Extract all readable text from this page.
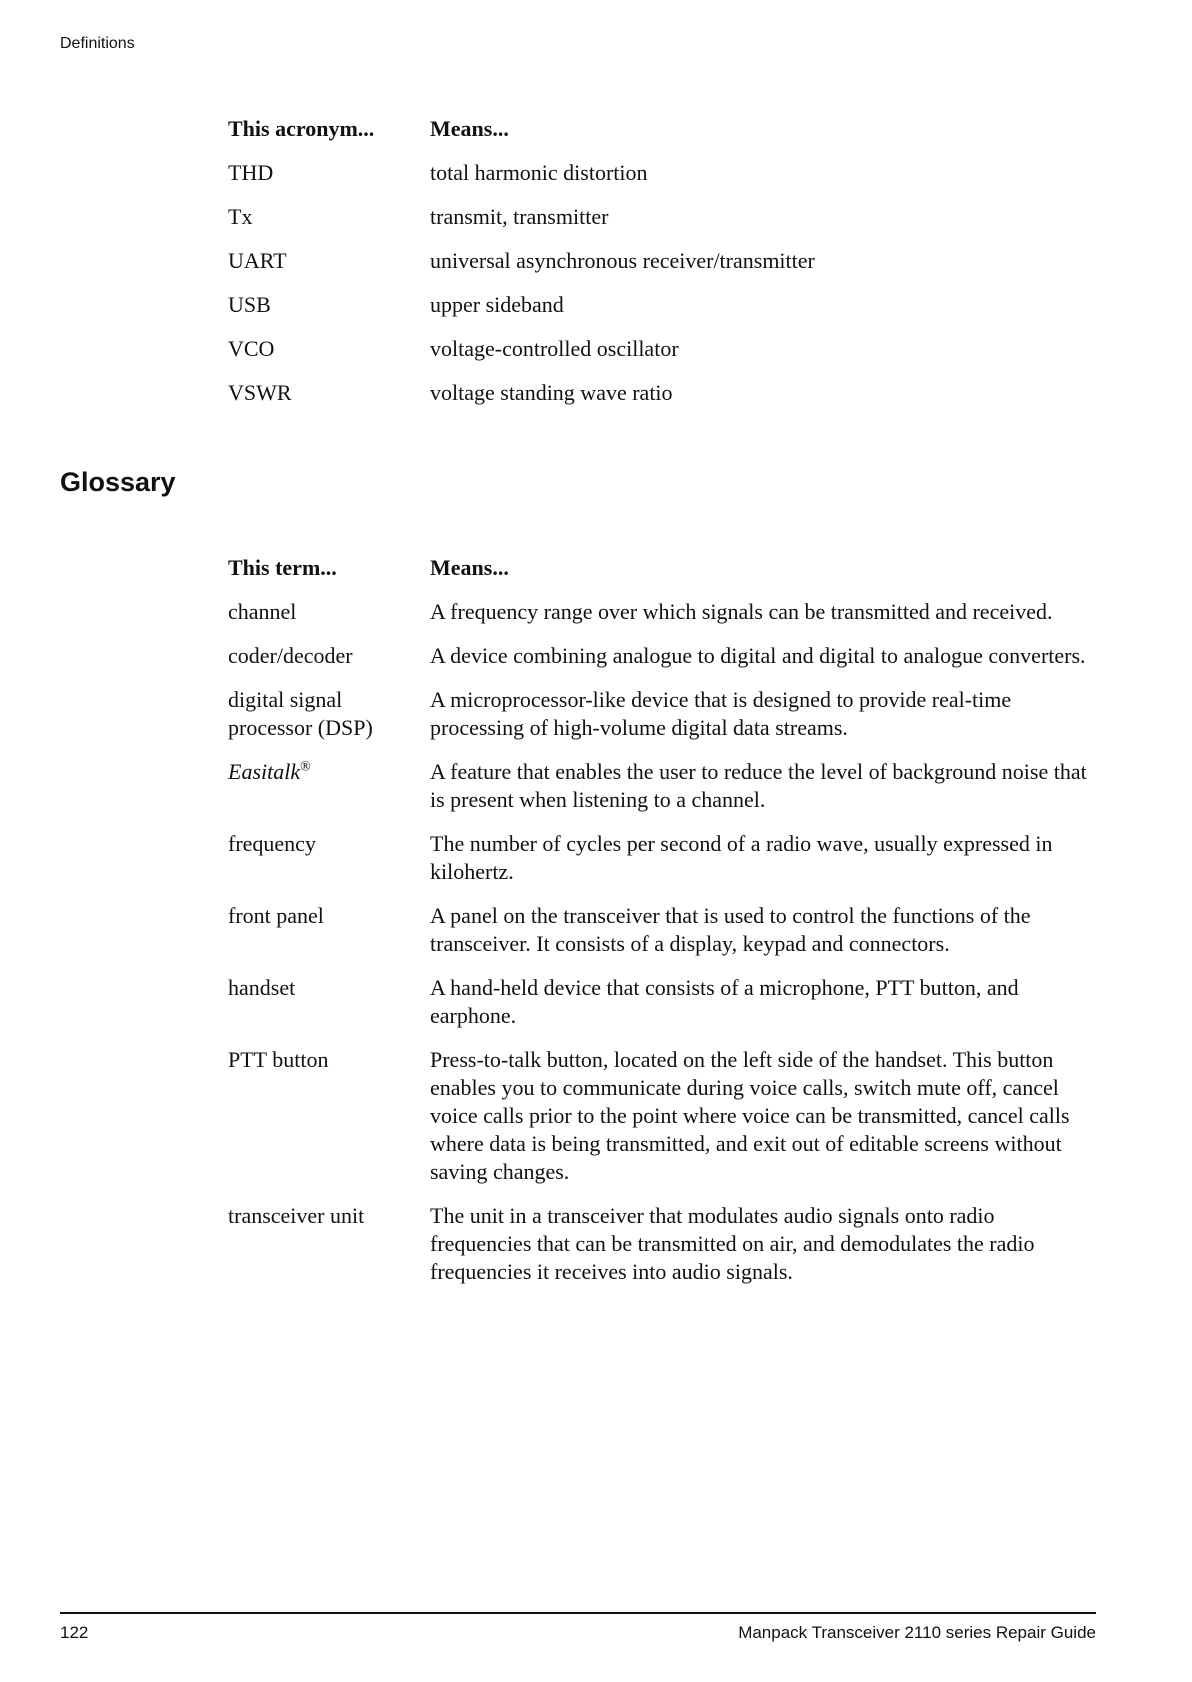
Definitions
This acronym...	Means...
THD	total harmonic distortion
Tx	transmit, transmitter
UART	universal asynchronous receiver/transmitter
USB	upper sideband
VCO	voltage-controlled oscillator
VSWR	voltage standing wave ratio
Glossary
This term...	Means...
channel	A frequency range over which signals can be transmitted and received.
coder/decoder	A device combining analogue to digital and digital to analogue converters.
digital signal processor (DSP)	A microprocessor-like device that is designed to provide real-time processing of high-volume digital data streams.
Easitalk®	A feature that enables the user to reduce the level of background noise that is present when listening to a channel.
frequency	The number of cycles per second of a radio wave, usually expressed in kilohertz.
front panel	A panel on the transceiver that is used to control the functions of the transceiver. It consists of a display, keypad and connectors.
handset	A hand-held device that consists of a microphone, PTT button, and earphone.
PTT button	Press-to-talk button, located on the left side of the handset. This button enables you to communicate during voice calls, switch mute off, cancel voice calls prior to the point where voice can be transmitted, cancel calls where data is being transmitted, and exit out of editable screens without saving changes.
transceiver unit	The unit in a transceiver that modulates audio signals onto radio frequencies that can be transmitted on air, and demodulates the radio frequencies it receives into audio signals.
122	Manpack Transceiver 2110 series Repair Guide
